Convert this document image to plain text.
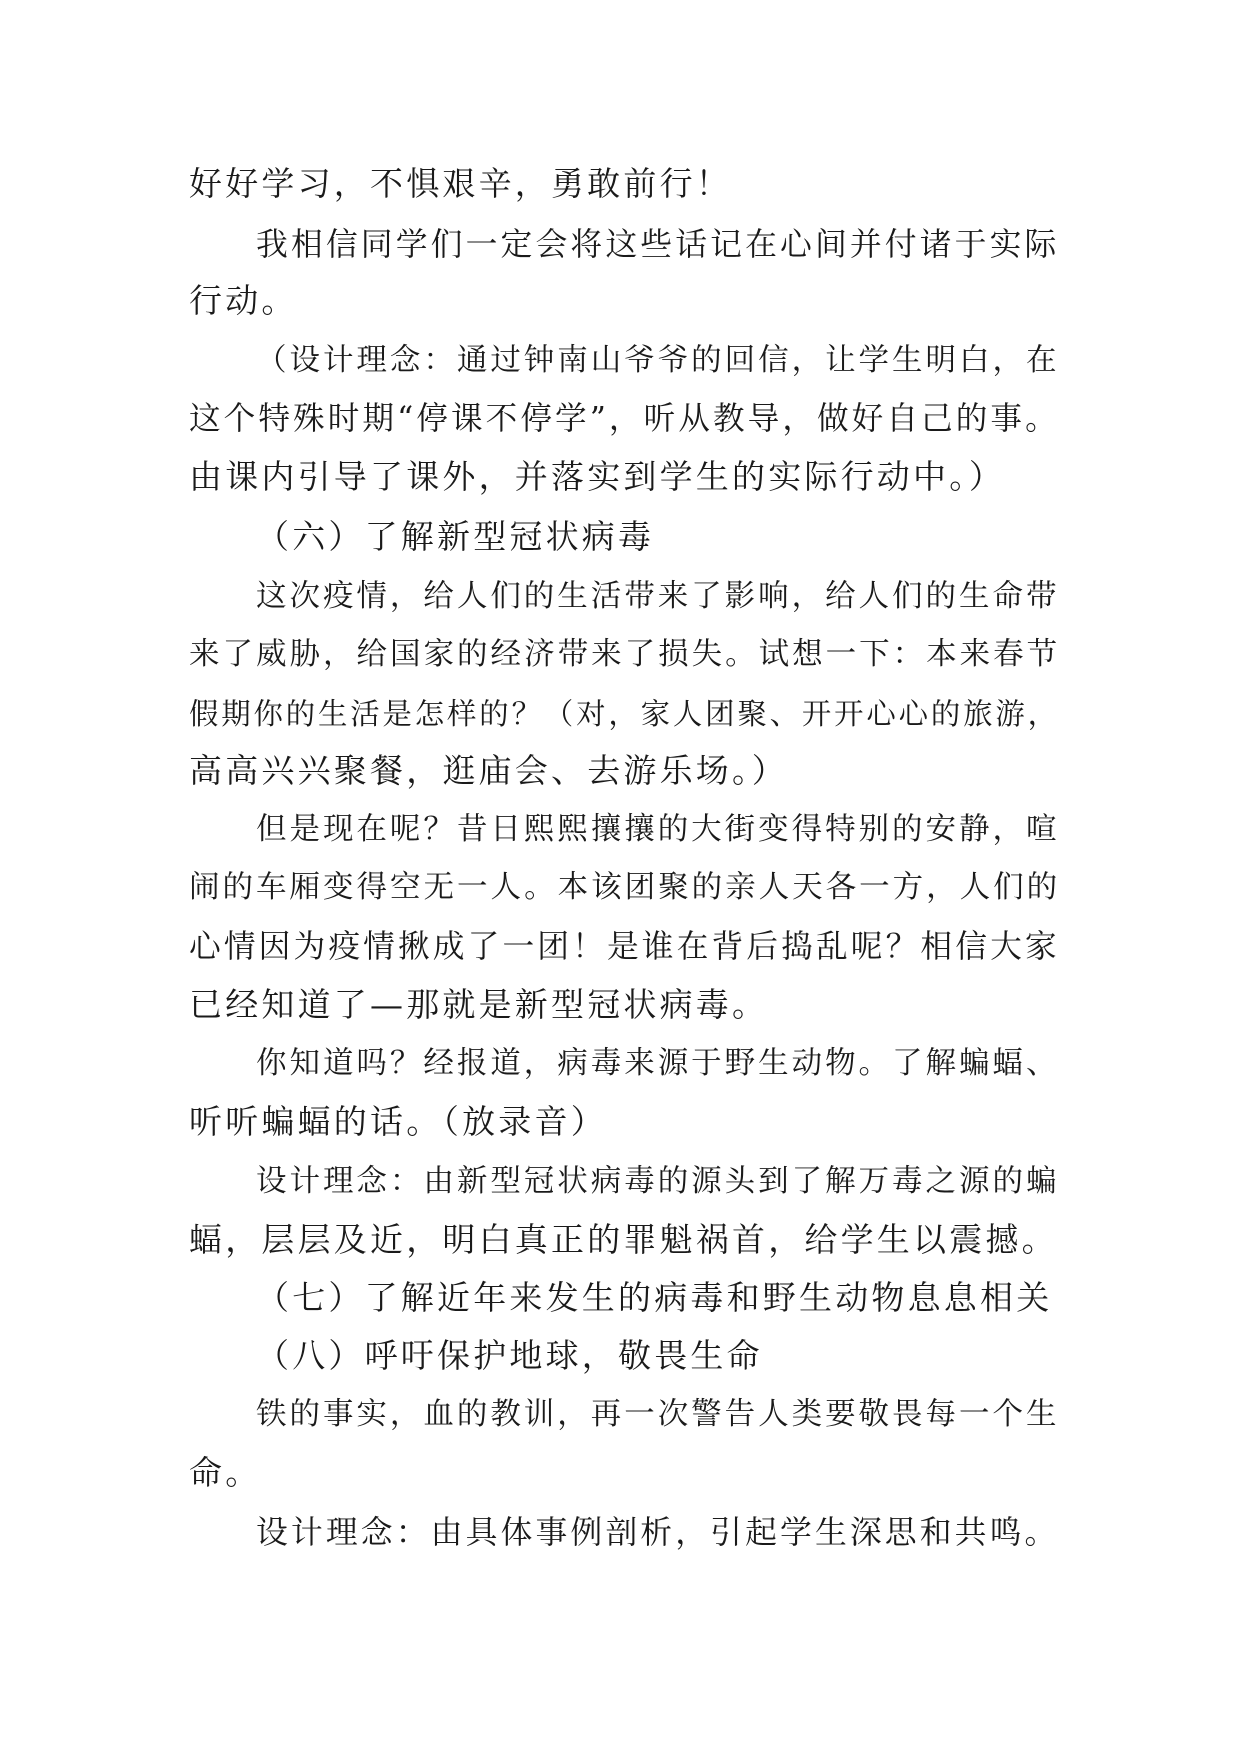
好好学习，不惧艰辛，勇敢前行！
我相信同学们一定会将这些话记在心间并付诸于实际
行动。
（设计理念：通过钟南山爷爷的回信，让学生明白，在
这个特殊时期“停课不停学”，听从教导，做好自己的事。
由课内引导了课外，并落实到学生的实际行动中。）
（六）了解新型冠状病毒
这次疫情，给人们的生活带来了影响，给人们的生命带
来了威胁，给国家的经济带来了损失。试想一下：本来春节
假期你的生活是怎样的？（对，家人团聚、开开心心的旅游，
高高兴兴聚餐，逛庙会、去游乐场。）
但是现在呢？昔日熙熙攘攘的大街变得特别的安静，喧
闹的车厢变得空无一人。本该团聚的亲人天各一方，人们的
心情因为疫情揪成了一团！是谁在背后捣乱呢？相信大家
已经知道了—那就是新型冠状病毒。
你知道吗？经报道，病毒来源于野生动物。了解蝙蝠、
听听蝙蝠的话。（放录音）
设计理念：由新型冠状病毒的源头到了解万毒之源的蝙
蝠，层层及近，明白真正的罪魁祸首，给学生以震撼。
（七）了解近年来发生的病毒和野生动物息息相关
（八）呼吁保护地球，敬畏生命
铁的事实，血的教训，再一次警告人类要敬畏每一个生
命。
设计理念：由具体事例剖析，引起学生深思和共鸣。
